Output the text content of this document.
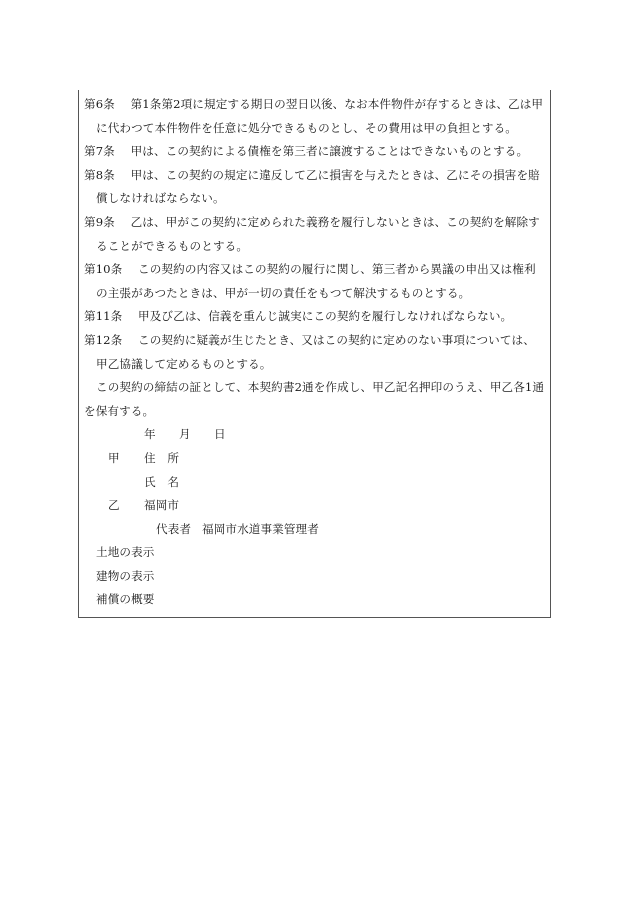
第6条　 第1条第2項に規定する期日の翌日以後、なお本件物件が存するときは、乙は甲に代わつて本件物件を任意に処分できるものとし、その費用は甲の負担とする。
第7条　 甲は、この契約による債権を第三者に譲渡することはできないものとする。
第8条　 甲は、この契約の規定に違反して乙に損害を与えたときは、乙にその損害を賠償しなければならない。
第9条　 乙は、甲がこの契約に定められた義務を履行しないときは、この契約を解除することができるものとする。
第10条　 この契約の内容又はこの契約の履行に関し、第三者から異議の申出又は権利の主張があつたときは、甲が一切の責任をもつて解決するものとする。
第11条　 甲及び乙は、信義を重んじ誠実にこの契約を履行しなければならない。
第12条　 この契約に疑義が生じたとき、又はこの契約に定めのない事項については、甲乙協議して定めるものとする。
この契約の締結の証として、本契約書2通を作成し、甲乙記名押印のうえ、甲乙各1通を保有する。
年 月 日
甲 住　所
氏　名
乙 福岡市
代表者 福岡市水道事業管理者
土地の表示
建物の表示
補償の概要
